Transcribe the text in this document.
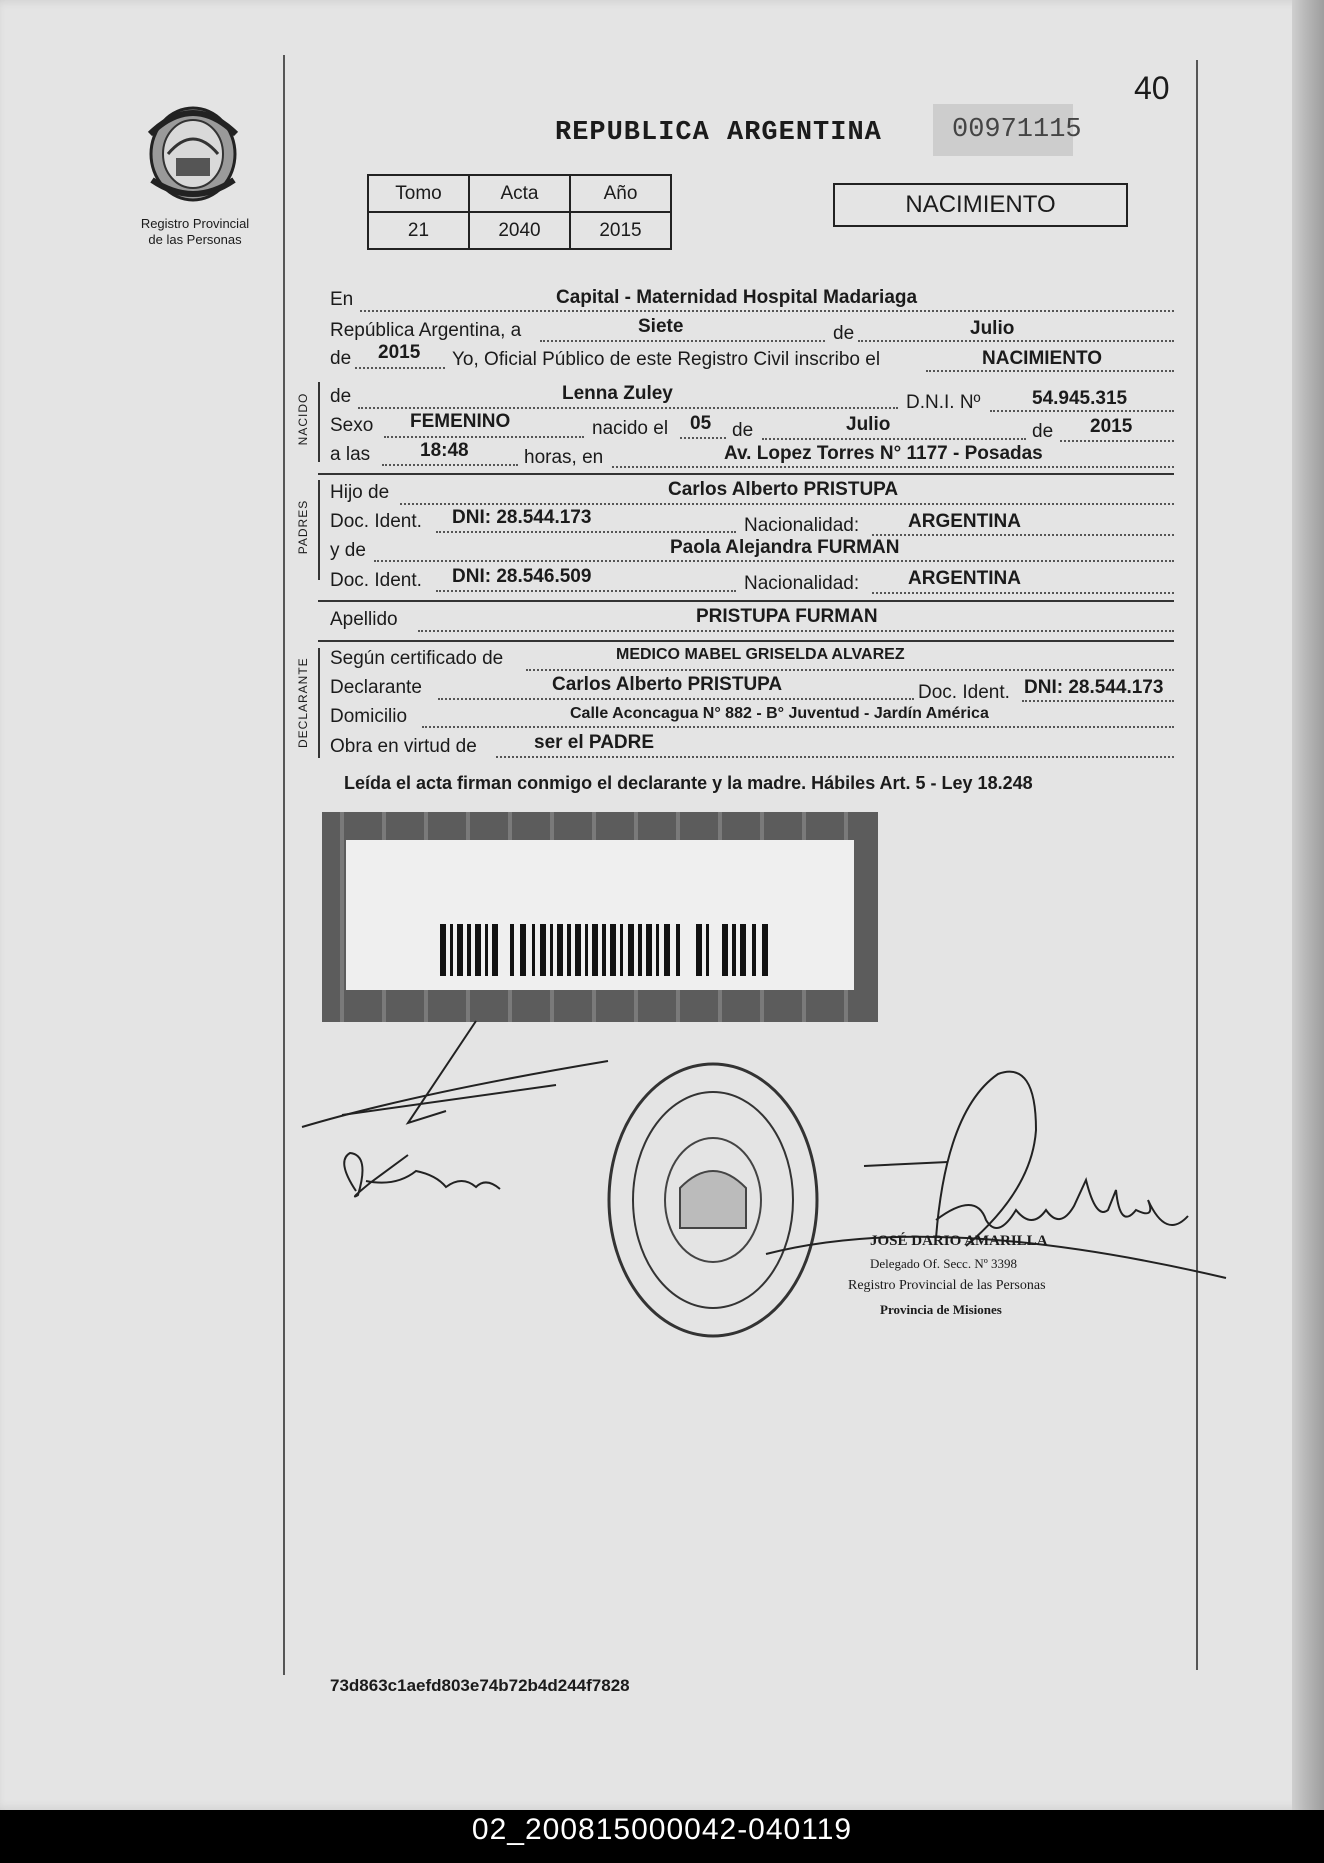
40
Registro Provincial
de las Personas
REPUBLICA ARGENTINA	00971115
Tomo	Acta	Año
21	2040	2015
NACIMIENTO
En	Capital - Maternidad Hospital Madariaga
República Argentina, a	Siete	de	Julio
de 2015 Yo, Oficial Público de este Registro Civil inscribo el	NACIMIENTO
NACIDO de	Lenna Zuley	D.N.I. Nº	54.945.315
Sexo FEMENINO	nacido el 05 de	Julio	de 2015
a las	18:48	horas, en	Av. Lopez Torres N° 1177 - Posadas
PADRES
Hijo de	Carlos Alberto PRISTUPA
Doc. Ident. DNI: 28.544.173	Nacionalidad:	ARGENTINA
y de	Paola Alejandra FURMAN
Doc. Ident. DNI: 28.546.509	Nacionalidad:	ARGENTINA
Apellido	PRISTUPA FURMAN
DECLARANTE Según certificado de	MEDICO MABEL GRISELDA ALVAREZ
Declarante	Carlos Alberto PRISTUPA	Doc. Ident. DNI: 28.544.173
Domicilio	Calle Aconcagua N° 882 - B° Juventud - Jardín América
Obra en virtud de	ser el PADRE
Leída el acta firman conmigo el declarante y la madre. Hábiles Art. 5 - Ley 18.248
JOSÉ DARIO AMARILLA
Delegado Of. Secc. Nº 3398
Registro Provincial de las Personas
Provincia de Misiones
73d863c1aefd803e74b72b4d244f7828
02_200815000042-040119
